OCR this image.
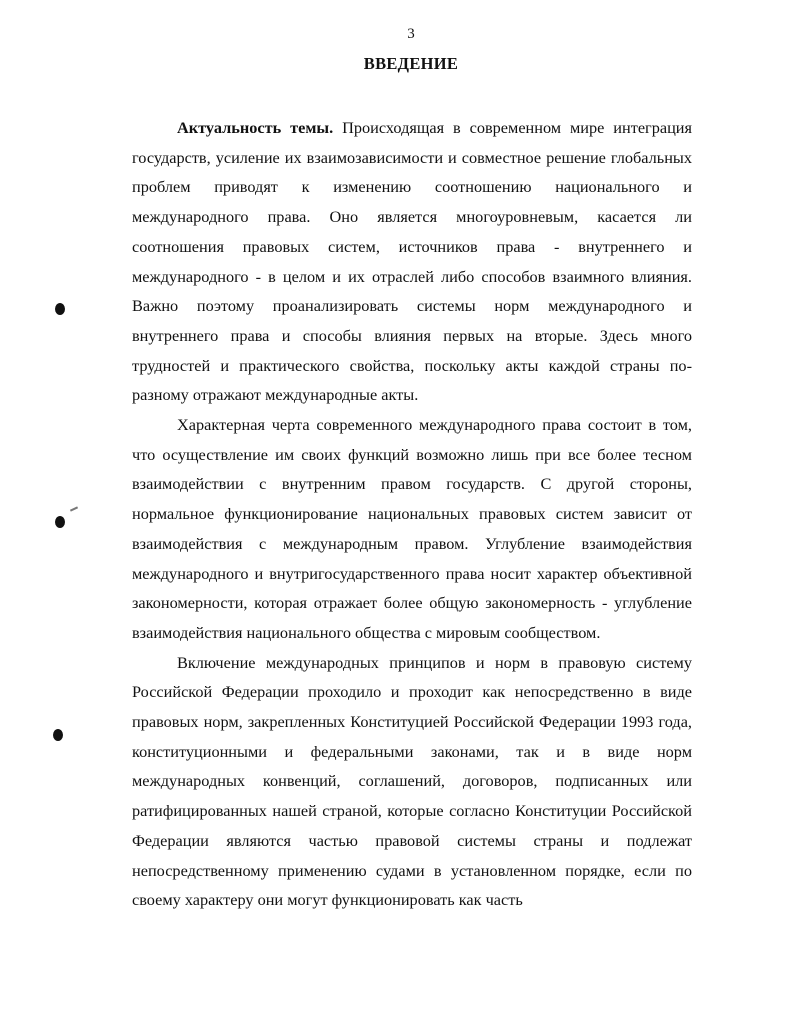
3
ВВЕДЕНИЕ

Актуальность темы. Происходящая в современном мире интеграция государств, усиление их взаимозависимости и совместное решение глобальных проблем приводят к изменению соотношению национального и международного права. Оно является многоуровневым, касается ли соотношения правовых систем, источников права - внутреннего и международного - в целом и их отраслей либо способов взаимного влияния. Важно поэтому проанализировать системы норм международного и внутреннего права и способы влияния первых на вторые. Здесь много трудностей и практического свойства, поскольку акты каждой страны по-разному отражают международные акты.

Характерная черта современного международного права состоит в том, что осуществление им своих функций возможно лишь при все более тесном взаимодействии с внутренним правом государств. С другой стороны, нормальное функционирование национальных правовых систем зависит от взаимодействия с международным правом. Углубление взаимодействия международного и внутригосударственного права носит характер объективной закономерности, которая отражает более общую закономерность - углубление взаимодействия национального общества с мировым сообществом.

Включение международных принципов и норм в правовую систему Российской Федерации проходило и проходит как непосредственно в виде правовых норм, закрепленных Конституцией Российской Федерации 1993 года, конституционными и федеральными законами, так и в виде норм международных конвенций, соглашений, договоров, подписанных или ратифицированных нашей страной, которые согласно Конституции Российской Федерации являются частью правовой системы страны и подлежат непосредственному применению судами в установленном порядке, если по своему характеру они могут функционировать как часть
